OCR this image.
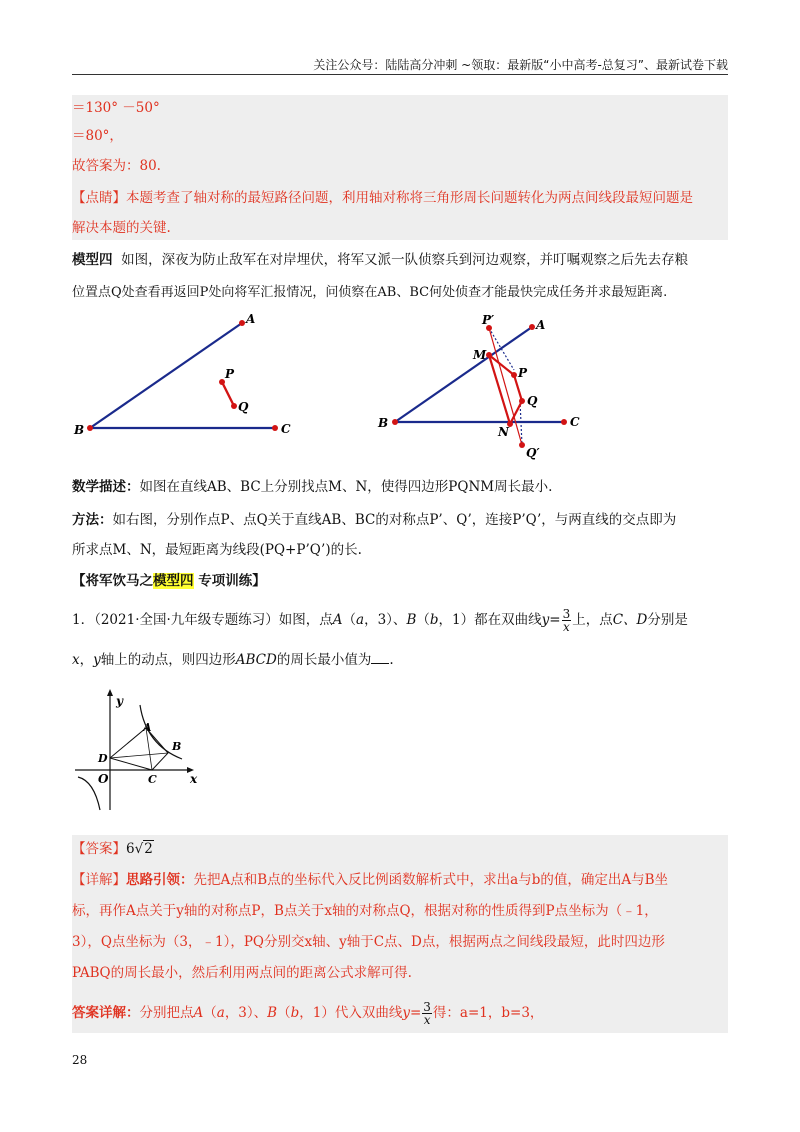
关注公众号：陆陆高分冲刺 ~领取：最新版“小中高考-总复习”、最新试卷下载
＝130° －50°
＝80°，
故答案为：80.
【点睛】本题考查了轴对称的最短路径问题，利用轴对称将三角形周长问题转化为两点间线段最短问题是
解决本题的关键.
模型四 如图，深夜为防止敌军在对岸埋伏，将军又派一队侦察兵到河边观察，并叮嘱观察之后先去存粮
位置点Q处查看再返回P处向将军汇报情况，问侦察在AB、BC何处侦查才能最快完成任务并求最短距离.
A
B	C
P
Q
A
B	C
P′
M
P
Q
N
Q′
数学描述：如图在直线AB、BC上分别找点M、N，使得四边形PQNM周长最小.
方法：如右图，分别作点P、点Q关于直线AB、BC的对称点P’、Q’，连接P’Q’，与两直线的交点即为
所求点M、N，最短距离为线段(PQ+P’Q’)的长.
【将军饮马之模型四 专项训练】
1．（2021·全国·九年级专题练习）如图，点A（a，3）、B（b，1）都在双曲线$y= \frac{3}{x}$ 上，点C、D分别是
x，y轴上的动点，则四边形ABCD的周长最小值为 .
y
x
O
A
B
C
D
【答案】6√2
【详解】思路引领：先把A点和B点的坐标代入反比例函数解析式中，求出a与b的值，确定出A与B坐
标，再作A点关于y轴的对称点P，B点关于x轴的对称点Q，根据对称的性质得到P点坐标为（﹣1，
3），Q点坐标为（3，﹣1），PQ分别交x轴、y轴于C点、D点，根据两点之间线段最短，此时四边形
PABQ的周长最小，然后利用两点间的距离公式求解可得.
答案详解：分别把点A（a，3）、B（b，1）代入双曲线$y= \frac{3}{x}$ 得：a=1，b=3，
28
